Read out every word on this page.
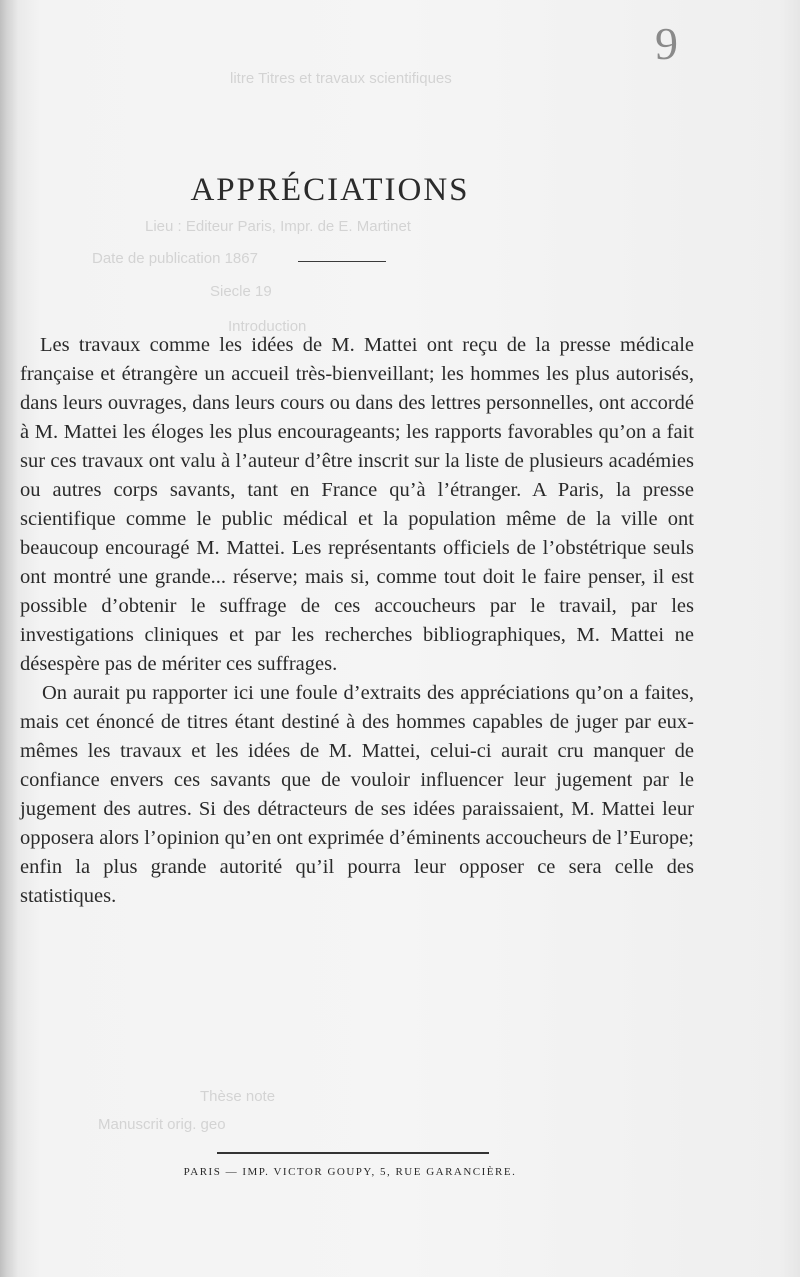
9
litre Titres et travaux scientifiques
Lieu : Editeur Paris, Impr. de E. Martinet
Date de publication 1867
Siecle 19
Introduction
Thèse note
Manuscrit orig. geo
APPRÉCIATIONS

Les travaux comme les idées de M. Mattei ont reçu de la presse médicale française et étrangère un accueil très-bienveillant; les hommes les plus autorisés, dans leurs ouvrages, dans leurs cours ou dans des lettres personnelles, ont accordé à M. Mattei les éloges les plus encourageants; les rapports favorables qu’on a fait sur ces travaux ont valu à l’auteur d’être inscrit sur la liste de plusieurs académies ou autres corps savants, tant en France qu’à l’étranger. A Paris, la presse scientifique comme le public médical et la population même de la ville ont beaucoup encouragé M. Mattei. Les représentants officiels de l’obstétrique seuls ont montré une grande... réserve; mais si, comme tout doit le faire penser, il est possible d’obtenir le suffrage de ces accoucheurs par le travail, par les investigations cliniques et par les recherches bibliographiques, M. Mattei ne désespère pas de mériter ces suffrages.

On aurait pu rapporter ici une foule d’extraits des appréciations qu’on a faites, mais cet énoncé de titres étant destiné à des hommes capables de juger par eux-mêmes les travaux et les idées de M. Mattei, celui-ci aurait cru manquer de confiance envers ces savants que de vouloir influencer leur jugement par le jugement des autres. Si des détracteurs de ses idées paraissaient, M. Mattei leur opposera alors l’opinion qu’en ont exprimée d’éminents accoucheurs de l’Europe; enfin la plus grande autorité qu’il pourra leur opposer ce sera celle des statistiques.

PARIS — IMP. VICTOR GOUPY, 5, RUE GARANCIÈRE.
